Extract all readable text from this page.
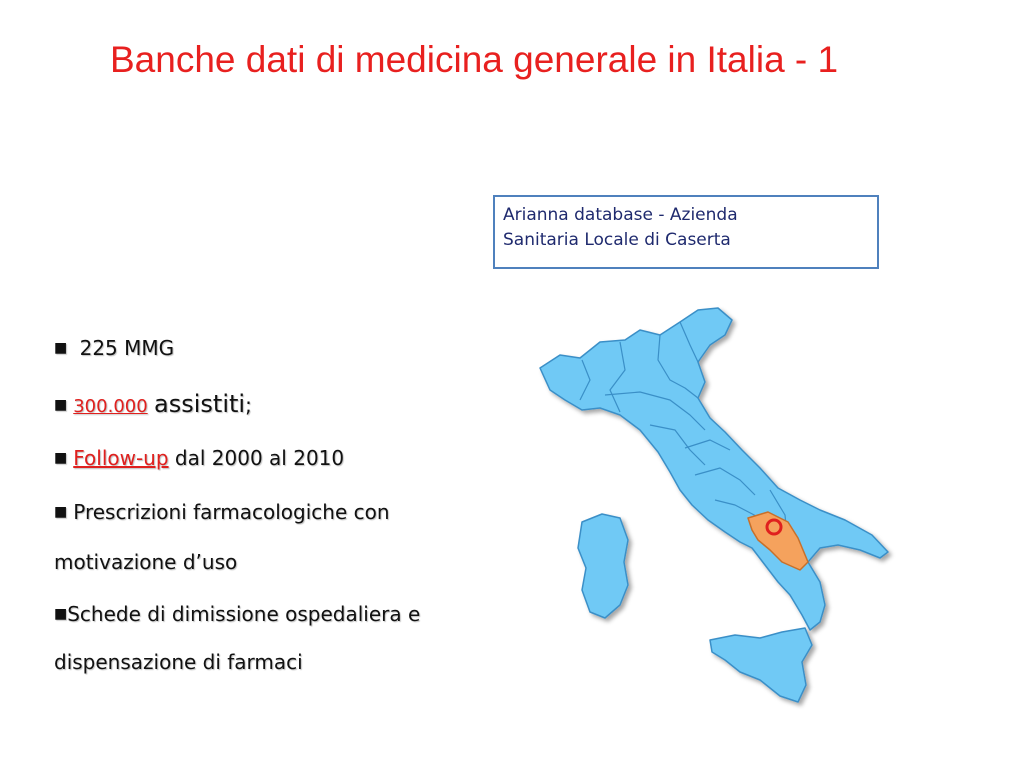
Banche dati di medicina generale in Italia - 1
Arianna database - Azienda
Sanitaria Locale di Caserta
■ 225 MMG
■ 300.000 assistiti;
■ Follow-up dal 2000 al 2010
■ Prescrizioni farmacologiche con
motivazione d’uso
■Schede di dimissione ospedaliera e
dispensazione di farmaci
